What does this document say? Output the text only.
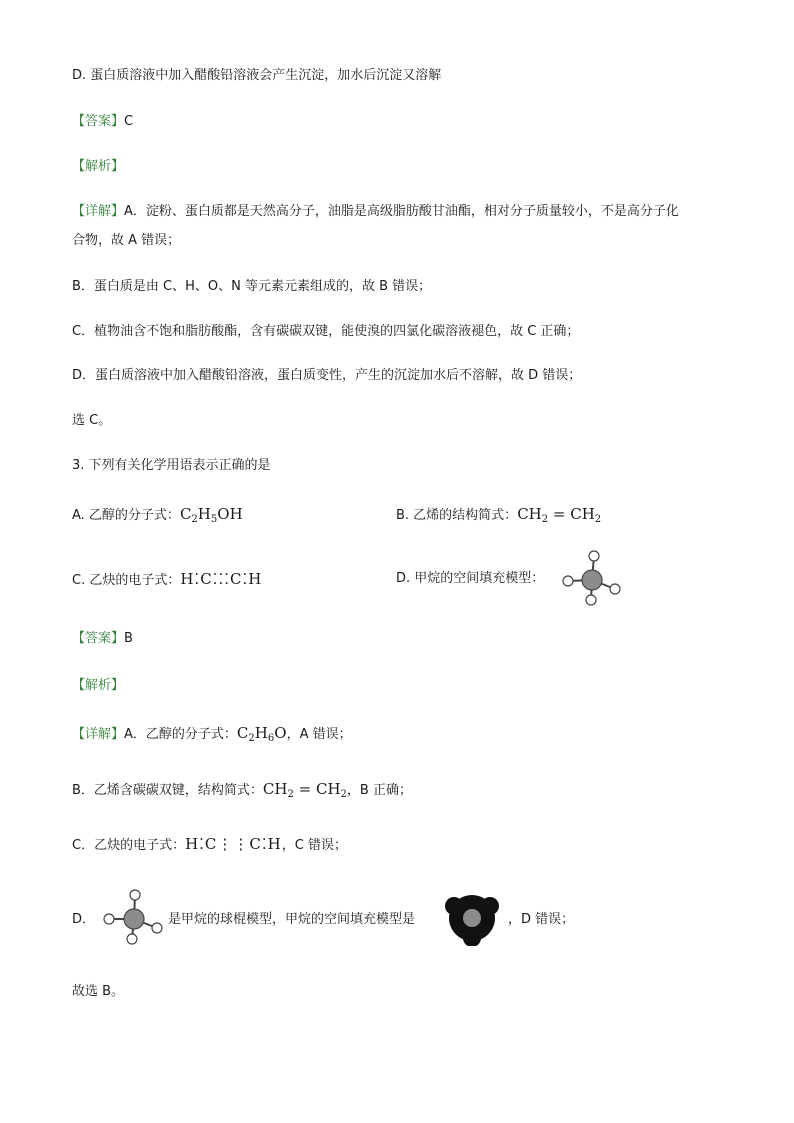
D. 蛋白质溶液中加入醋酸铅溶液会产生沉淀，加水后沉淀又溶解
【答案】C
【解析】
【详解】A．淀粉、蛋白质都是天然高分子，油脂是高级脂肪酸甘油酯，相对分子质量较小，不是高分子化
合物，故 A 错误；
B．蛋白质是由 C、H、O、N 等元素元素组成的，故 B 错误；
C．植物油含不饱和脂肪酸酯，含有碳碳双键，能使溴的四氯化碳溶液褪色，故 C 正确；
D．蛋白质溶液中加入醋酸铅溶液，蛋白质变性，产生的沉淀加水后不溶解，故 D 错误；
选 C。
3. 下列有关化学用语表示正确的是
A. 乙醇的分子式：$C_2H_5OH$	B. 乙烯的结构简式：$CH_2 = CH_2$
C. 乙炔的电子式：H⁚C⁚⁚⁚C⁚H	D. 甲烷的空间填充模型：
【答案】B
【解析】
【详解】A．乙醇的分子式：$C_2H_6O$，A 错误；
B．乙烯含碳碳双键，结构简式：$CH_2 = CH_2$，B 正确；
C．乙炔的电子式：H⁚C⋮⋮C⁚H，C 错误；
D．	是甲烷的球棍模型，甲烷的空间填充模型是	，D 错误；
故选 B。
